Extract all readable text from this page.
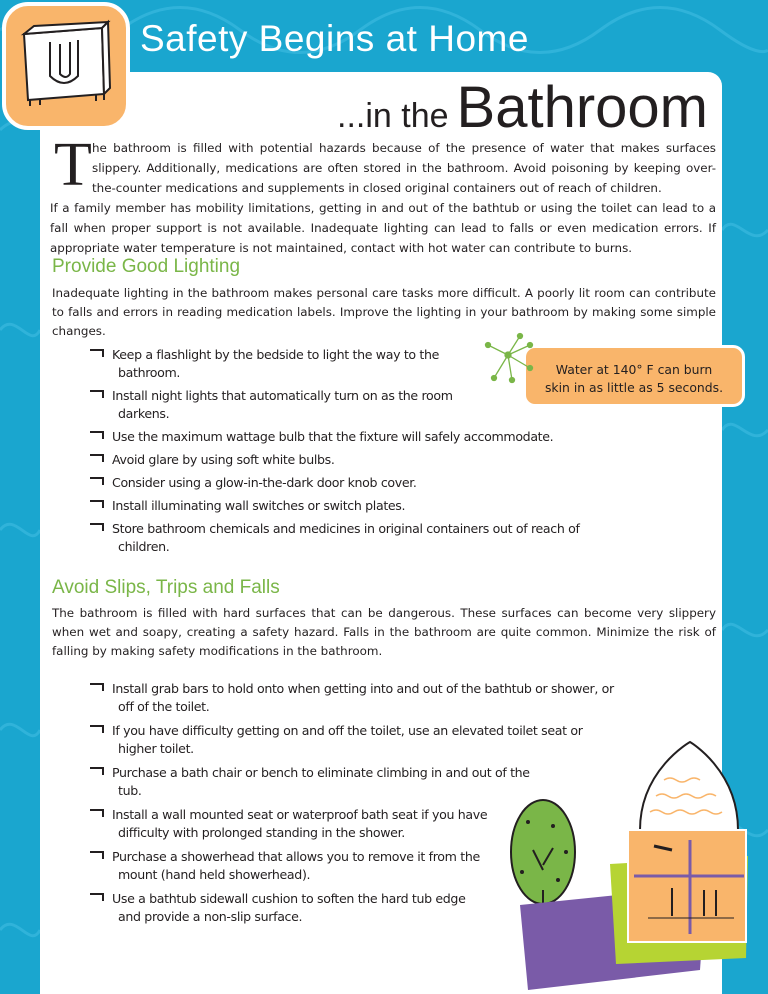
Safety Begins at Home
...in the Bathroom
T he bathroom is filled with potential hazards because of the presence of water that makes surfaces slippery. Additionally, medications are often stored in the bathroom. Avoid poisoning by keeping over-the-counter medications and supplements in closed original containers out of reach of children.

If a family member has mobility limitations, getting in and out of the bathtub or using the toilet can lead to a fall when proper support is not available. Inadequate lighting can lead to falls or even medication errors. If appropriate water temperature is not maintained, contact with hot water can contribute to burns.

Provide Good Lighting

Inadequate lighting in the bathroom makes personal care tasks more difficult. A poorly lit room can contribute to falls and errors in reading medication labels. Improve the lighting in your bathroom by making some simple changes.

Keep a flashlight by the bedside to light the way to the
bathroom.
Install night lights that automatically turn on as the room
darkens.
Use the maximum wattage bulb that the fixture will safely accommodate.
Avoid glare by using soft white bulbs.
Consider using a glow-in-the-dark door knob cover.
Install illuminating wall switches or switch plates.
Store bathroom chemicals and medicines in original containers out of reach of
children.
Water at 140° F can burn
skin in as little as 5 seconds.
Avoid Slips, Trips and Falls

The bathroom is filled with hard surfaces that can be dangerous. These surfaces can become very slippery when wet and soapy, creating a safety hazard. Falls in the bathroom are quite common. Minimize the risk of falling by making safety modifications in the bathroom.

Install grab bars to hold onto when getting into and out of the bathtub or shower, or
off of the toilet.
If you have difficulty getting on and off the toilet, use an elevated toilet seat or
higher toilet.
Purchase a bath chair or bench to eliminate climbing in and out of the
tub.
Install a wall mounted seat or waterproof bath seat if you have
difficulty with prolonged standing in the shower.
Purchase a showerhead that allows you to remove it from the
mount (hand held showerhead).
Use a bathtub sidewall cushion to soften the hard tub edge
and provide a non-slip surface.
